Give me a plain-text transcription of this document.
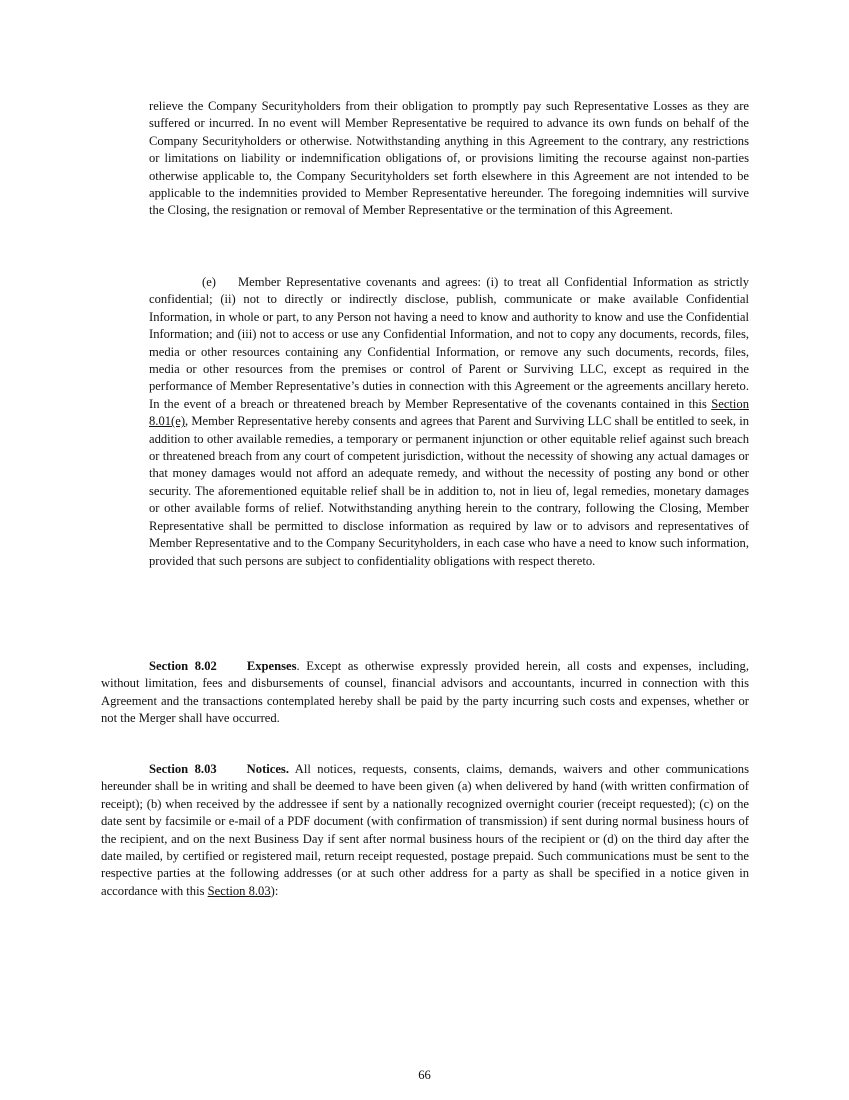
relieve the Company Securityholders from their obligation to promptly pay such Representative Losses as they are suffered or incurred. In no event will Member Representative be required to advance its own funds on behalf of the Company Securityholders or otherwise. Notwithstanding anything in this Agreement to the contrary, any restrictions or limitations on liability or indemnification obligations of, or provisions limiting the recourse against non-parties otherwise applicable to, the Company Securityholders set forth elsewhere in this Agreement are not intended to be applicable to the indemnities provided to Member Representative hereunder. The foregoing indemnities will survive the Closing, the resignation or removal of Member Representative or the termination of this Agreement.

(e) Member Representative covenants and agrees: (i) to treat all Confidential Information as strictly confidential; (ii) not to directly or indirectly disclose, publish, communicate or make available Confidential Information, in whole or part, to any Person not having a need to know and authority to know and use the Confidential Information; and (iii) not to access or use any Confidential Information, and not to copy any documents, records, files, media or other resources containing any Confidential Information, or remove any such documents, records, files, media or other resources from the premises or control of Parent or Surviving LLC, except as required in the performance of Member Representative’s duties in connection with this Agreement or the agreements ancillary hereto. In the event of a breach or threatened breach by Member Representative of the covenants contained in this Section 8.01(e), Member Representative hereby consents and agrees that Parent and Surviving LLC shall be entitled to seek, in addition to other available remedies, a temporary or permanent injunction or other equitable relief against such breach or threatened breach from any court of competent jurisdiction, without the necessity of showing any actual damages or that money damages would not afford an adequate remedy, and without the necessity of posting any bond or other security. The aforementioned equitable relief shall be in addition to, not in lieu of, legal remedies, monetary damages or other available forms of relief. Notwithstanding anything herein to the contrary, following the Closing, Member Representative shall be permitted to disclose information as required by law or to advisors and representatives of Member Representative and to the Company Securityholders, in each case who have a need to know such information, provided that such persons are subject to confidentiality obligations with respect thereto.

Section 8.02 Expenses. Except as otherwise expressly provided herein, all costs and expenses, including, without limitation, fees and disbursements of counsel, financial advisors and accountants, incurred in connection with this Agreement and the transactions contemplated hereby shall be paid by the party incurring such costs and expenses, whether or not the Merger shall have occurred.

Section 8.03 Notices. All notices, requests, consents, claims, demands, waivers and other communications hereunder shall be in writing and shall be deemed to have been given (a) when delivered by hand (with written confirmation of receipt); (b) when received by the addressee if sent by a nationally recognized overnight courier (receipt requested); (c) on the date sent by facsimile or e-mail of a PDF document (with confirmation of transmission) if sent during normal business hours of the recipient, and on the next Business Day if sent after normal business hours of the recipient or (d) on the third day after the date mailed, by certified or registered mail, return receipt requested, postage prepaid. Such communications must be sent to the respective parties at the following addresses (or at such other address for a party as shall be specified in a notice given in accordance with this Section 8.03):

66
